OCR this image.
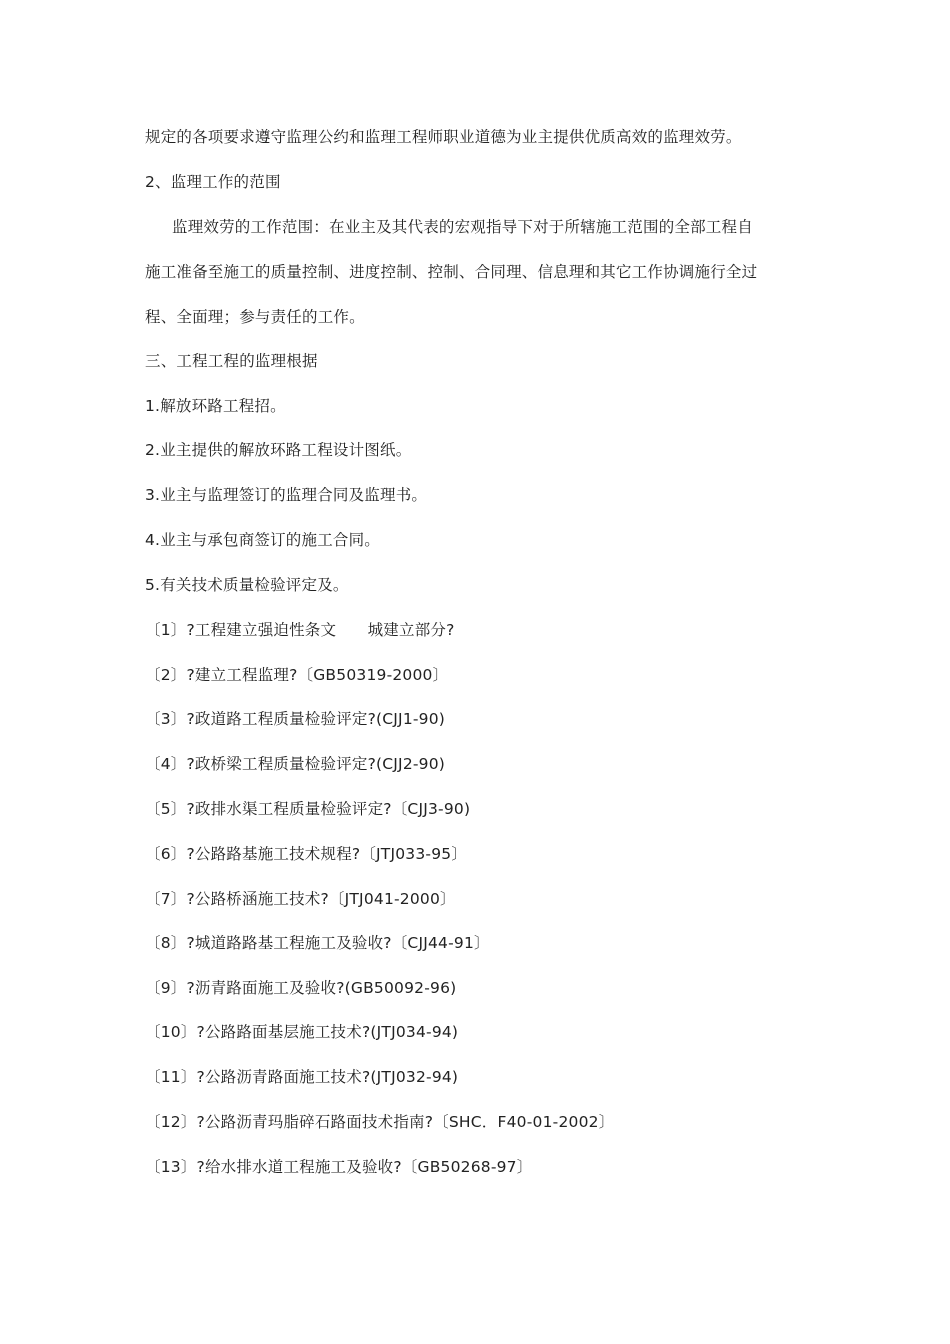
规定的各项要求遵守监理公约和监理工程师职业道德为业主提供优质高效的监理效劳。
2、监理工作的范围
监理效劳的工作范围：在业主及其代表的宏观指导下对于所辖施工范围的全部工程自
施工准备至施工的质量控制、进度控制、控制、合同理、信息理和其它工作协调施行全过
程、全面理；参与责任的工作。
三、工程工程的监理根据
1.解放环路工程招。
2.业主提供的解放环路工程设计图纸。
3.业主与监理签订的监理合同及监理书。
4.业主与承包商签订的施工合同。
5.有关技术质量检验评定及。
〔1〕?工程建立强迫性条文　　城建立部分?
〔2〕?建立工程监理?〔GB50319-2000〕
〔3〕?政道路工程质量检验评定?(CJJ1-90)
〔4〕?政桥梁工程质量检验评定?(CJJ2-90)
〔5〕?政排水渠工程质量检验评定?〔CJJ3-90)
〔6〕?公路路基施工技术规程?〔JTJ033-95〕
〔7〕?公路桥涵施工技术?〔JTJ041-2000〕
〔8〕?城道路路基工程施工及验收?〔CJJ44-91〕
〔9〕?沥青路面施工及验收?(GB50092-96)
〔10〕?公路路面基层施工技术?(JTJ034-94)
〔11〕?公路沥青路面施工技术?(JTJ032-94)
〔12〕?公路沥青玛脂碎石路面技术指南?〔SHC．F40-01-2002〕
〔13〕?给水排水道工程施工及验收?〔GB50268-97〕
